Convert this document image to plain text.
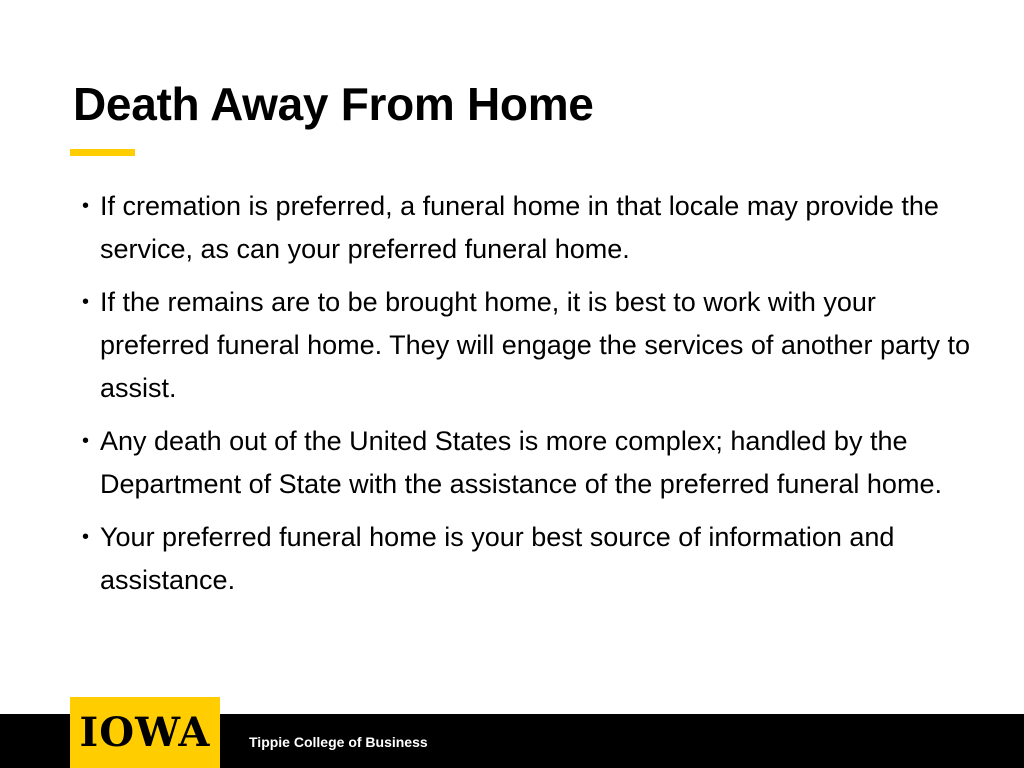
Death Away From Home
• If cremation is preferred, a funeral home in that locale may provide the service, as can your preferred funeral home.
• If the remains are to be brought home, it is best to work with your preferred funeral home. They will engage the services of another party to assist.
• Any death out of the United States is more complex; handled by the Department of State with the assistance of the preferred funeral home.
• Your preferred funeral home is your best source of information and assistance.
IOWA	Tippie College of Business
